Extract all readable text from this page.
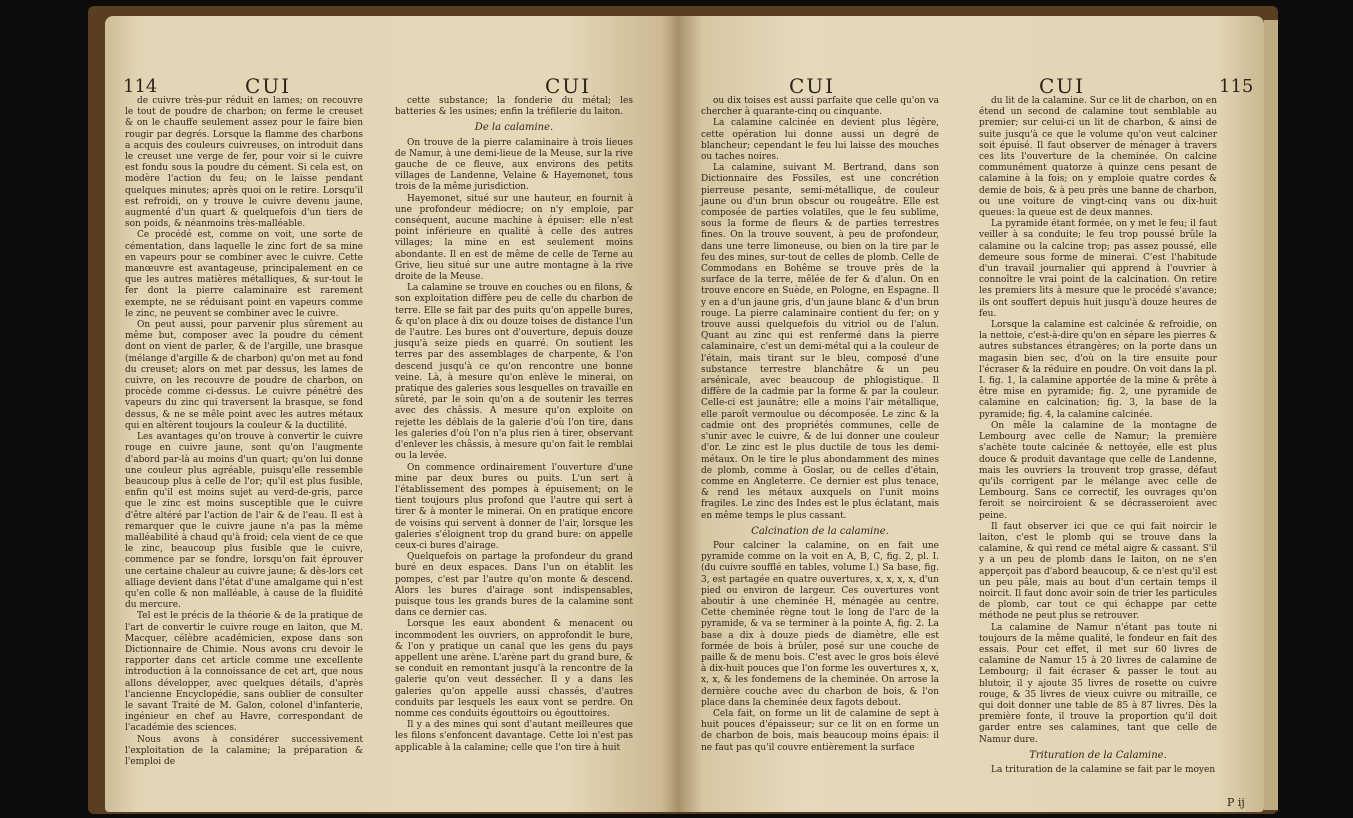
114	CUI	CUI

de cuivre très-pur réduit en lames; on recouvre le tout de poudre de charbon; on ferme le creuset & on le chauffe seulement assez pour le faire bien rougir par degrés. Lorsque la flamme des charbons a acquis des couleurs cuivreuses, on introduit dans le creuset une verge de fer, pour voir si le cuivre est fondu sous la poudre du cément. Si cela est, on modère l'action du feu; on le laisse pendant quelques minutes; après quoi on le retire. Lorsqu'il est refroidi, on y trouve le cuivre devenu jaune, augmenté d'un quart & quelquefois d'un tiers de son poids, & néanmoins très-malléable.

Ce procédé est, comme on voit, une sorte de cémentation, dans laquelle le zinc fort de sa mine en vapeurs pour se combiner avec le cuivre. Cette manœuvre est avantageuse, principalement en ce que les autres matières métalliques, & sur-tout le fer dont la pierre calaminaire est rarement exempte, ne se réduisant point en vapeurs comme le zinc, ne peuvent se combiner avec le cuivre.

On peut aussi, pour parvenir plus sûrement au même but, composer avec la poudre du cément dont on vient de parler, & de l'argille, une brasque (mélange d'argille & de charbon) qu'on met au fond du creuset; alors on met par dessus, les lames de cuivre, on les recouvre de poudre de charbon, on procède comme ci-dessus. Le cuivre pénétré des vapeurs du zinc qui traversent la brasque, se fond dessus, & ne se mêle point avec les autres métaux qui en altèrent toujours la couleur & la ductilité.

Les avantages qu'on trouve à convertir le cuivre rouge en cuivre jaune, sont qu'on l'augmente d'abord par-là au moins d'un quart; qu'on lui donne une couleur plus agréable, puisqu'elle ressemble beaucoup plus à celle de l'or; qu'il est plus fusible, enfin qu'il est moins sujet au verd-de-gris, parce que le zinc est moins susceptible que le cuivre d'être altéré par l'action de l'air & de l'eau. Il est à remarquer que le cuivre jaune n'a pas la même malléabilité à chaud qu'à froid; cela vient de ce que le zinc, beaucoup plus fusible que le cuivre, commence par se fondre, lorsqu'on fait éprouver une certaine chaleur au cuivre jaune; & dès-lors cet alliage devient dans l'état d'une amalgame qui n'est qu'en colle & non malléable, à cause de la fluidité du mercure.

Tel est le précis de la théorie & de la pratique de l'art de convertir le cuivre rouge en laiton, que M. Macquer, célèbre académicien, expose dans son Dictionnaire de Chimie. Nous avons cru devoir le rapporter dans cet article comme une excellente introduction à la connoissance de cet art, que nous allons développer, avec quelques détails, d'après l'ancienne Encyclopédie, sans oublier de consulter le savant Traité de M. Galon, colonel d'infanterie, ingénieur en chef au Havre, correspondant de l'académie des sciences.

Nous avons à considérer successivement l'exploitation de la calamine; la préparation & l'emploi de

cette substance; la fonderie du métal; les batteries & les usines; enfin la tréfilerie du laiton.

De la calamine.

On trouve de la pierre calaminaire à trois lieues de Namur, à une demi-lieue de la Meuse, sur la rive gauche de ce fleuve, aux environs des petits villages de Landenne, Velaine & Hayemonet, tous trois de la même jurisdiction.

Hayemonet, situé sur une hauteur, en fournit à une profondeur médiocre; on n'y emploie, par conséquent, aucune machine à épuiser: elle n'est point inférieure en qualité à celle des autres villages; la mine en est seulement moins abondante. Il en est de même de celle de Terne au Grive, lieu situé sur une autre montagne à la rive droite de la Meuse.

La calamine se trouve en couches ou en filons, & son exploitation diffère peu de celle du charbon de terre. Elle se fait par des puits qu'on appelle bures, & qu'on place à dix ou douze toises de distance l'un de l'autre. Les bures ont d'ouverture, depuis douze jusqu'à seize pieds en quarré. On soutient les terres par des assemblages de charpente, & l'on descend jusqu'à ce qu'on rencontre une bonne veine. Là, à mesure qu'on enlève le minerai, on pratique des galeries sous lesquelles on travaille en sûreté, par le soin qu'on a de soutenir les terres avec des châssis. A mesure qu'on exploite on rejette les déblais de la galerie d'où l'on tire, dans les galeries d'où l'on n'a plus rien à tirer, observant d'enlever les châssis, à mesure qu'on fait le remblai ou la levée.

On commence ordinairement l'ouverture d'une mine par deux bures ou puits. L'un sert à l'établissement des pompes à épuisement; on le tient toujours plus profond que l'autre qui sert à tirer & à monter le minerai. On en pratique encore de voisins qui servent à donner de l'air, lorsque les galeries s'éloignent trop du grand bure: on appelle ceux-ci bures d'airage.

Quelquefois on partage la profondeur du grand buré en deux espaces. Dans l'un on établit les pompes, c'est par l'autre qu'on monte & descend. Alors les bures d'airage sont indispensables, puisque tous les grands bures de la calamine sont dans ce dernier cas.

Lorsque les eaux abondent & menacent ou incommodent les ouvriers, on approfondit le bure, & l'on y pratique un canal que les gens du pays appellent une arène. L'arène part du grand bure, & se conduit en remontant jusqu'à la rencontre de la galerie qu'on veut dessécher. Il y a dans les galeries qu'on appelle aussi chassés, d'autres conduits par lesquels les eaux vont se perdre. On nomme ces conduits égouttoirs ou égouttoires.

Il y a des mines qui sont d'autant meilleures que les filons s'enfoncent davantage. Cette loi n'est pas applicable à la calamine; celle que l'on tire à huit

CUI	CUI	115

ou dix toises est aussi parfaite que celle qu'on va chercher à quarante-cinq ou cinquante.

La calamine calcinée en devient plus légère, cette opération lui donne aussi un degré de blancheur; cependant le feu lui laisse des mouches ou taches noires.

La calamine, suivant M. Bertrand, dans son Dictionnaire des Fossiles, est une concrétion pierreuse pesante, semi-métallique, de couleur jaune ou d'un brun obscur ou rougeâtre. Elle est composée de parties volatiles, que le feu sublime, sous la forme de fleurs & de parties terrestres fines. On la trouve souvent, à peu de profondeur, dans une terre limoneuse, ou bien on la tire par le feu des mines, sur-tout de celles de plomb. Celle de Commodans en Bohême se trouve près de la surface de la terre, mêlée de fer & d'alun. On en trouve encore en Suède, en Pologne, en Espagne. Il y en a d'un jaune gris, d'un jaune blanc & d'un brun rouge. La pierre calaminaire contient du fer; on y trouve aussi quelquefois du vitriol ou de l'alun. Quant au zinc qui est renfermé dans la pierre calaminaire, c'est un demi-métal qui a la couleur de l'étain, mais tirant sur le bleu, composé d'une substance terrestre blanchâtre & un peu arsénicale, avec beaucoup de phlogistique. Il diffère de la cadmie par la forme & par la couleur. Celle-ci est jaunâtre; elle a moins l'air métallique, elle paroît vermoulue ou décomposée. Le zinc & la cadmie ont des propriétés communes, celle de s'unir avec le cuivre, & de lui donner une couleur d'or. Le zinc est le plus ductile de tous les demi-métaux. On le tire le plus abondamment des mines de plomb, comme à Goslar, ou de celles d'étain, comme en Angleterre. Ce dernier est plus tenace, & rend les métaux auxquels on l'unit moins fragiles. Le zinc des Indes est le plus éclatant, mais en même temps le plus cassant.

Calcination de la calamine.

Pour calciner la calamine, on en fait une pyramide comme on la voit en A, B, C, fig. 2, pl. I. (du cuivre soufflé en tables, volume I.) Sa base, fig. 3, est partagée en quatre ouvertures, x, x, x, x, d'un pied ou environ de largeur. Ces ouvertures vont aboutir à une cheminée H, ménagée au centre. Cette cheminée règne tout le long de l'arc de la pyramide, & va se terminer à la pointe A, fig. 2. La base a dix à douze pieds de diamètre, elle est formée de bois à brûler, posé sur une couche de paille & de menu bois. C'est avec le gros bois élevé à dix-huit pouces que l'on forme les ouvertures x, x, x, x, & les fondemens de la cheminée. On arrose la dernière couche avec du charbon de bois, & l'on place dans la cheminée deux fagots debout.

Cela fait, on forme un lit de calamine de sept à huit pouces d'épaisseur; sur ce lit on en forme un de charbon de bois, mais beaucoup moins épais: il ne faut pas qu'il couvre entièrement la surface

du lit de la calamine. Sur ce lit de charbon, on en étend un second de calamine tout semblable au premier; sur celui-ci un lit de charbon, & ainsi de suite jusqu'à ce que le volume qu'on veut calciner soit épuisé. Il faut observer de ménager à travers ces lits l'ouverture de la cheminée. On calcine communément quatorze à quinze cens pesant de calamine à la fois; on y emploie quatre cordes & demie de bois, & à peu près une banne de charbon, ou une voiture de vingt-cinq vans ou dix-huit queues: la queue est de deux mannes.

La pyramide étant formée, on y met le feu; il faut veiller à sa conduite; le feu trop poussé brûle la calamine ou la calcine trop; pas assez poussé, elle demeure sous forme de minerai. C'est l'habitude d'un travail journalier qui apprend à l'ouvrier à connoître le vrai point de la calcination. On retire les premiers lits à mesure que le procédé s'avance; ils ont souffert depuis huit jusqu'à douze heures de feu.

Lorsque la calamine est calcinée & refroidie, on la nettoie, c'est-à-dire qu'on en sépare les pierres & autres substances étrangères; on la porte dans un magasin bien sec, d'où on la tire ensuite pour l'écraser & la réduire en poudre. On voit dans la pl. I. fig. 1, la calamine apportée de la mine & prête à être mise en pyramide; fig. 2, une pyramide de calamine en calcination; fig. 3, la base de la pyramide; fig. 4, la calamine calcinée.

On mêle la calamine de la montagne de Lembourg avec celle de Namur; la première s'achète toute calcinée & nettoyée, elle est plus douce & produit davantage que celle de Landenne, mais les ouvriers la trouvent trop grasse, défaut qu'ils corrigent par le mélange avec celle de Lembourg. Sans ce correctif, les ouvrages qu'on feroit se noirciroient & se décrasseroient avec peine.

Il faut observer ici que ce qui fait noircir le laiton, c'est le plomb qui se trouve dans la calamine, & qui rend ce métal aigre & cassant. S'il y a un peu de plomb dans le laiton, on ne s'en apperçoit pas d'abord beaucoup, & ce n'est qu'il est un peu pâle, mais au bout d'un certain temps il noircit. Il faut donc avoir soin de trier les particules de plomb, car tout ce qui échappe par cette méthode ne peut plus se retrouver.

La calamine de Namur n'étant pas toute ni toujours de la même qualité, le fondeur en fait des essais. Pour cet effet, il met sur 60 livres de calamine de Namur 15 à 20 livres de calamine de Lembourg; il fait écraser & passer le tout au blutoir, il y ajoute 35 livres de rosette ou cuivre rouge, & 35 livres de vieux cuivre ou mitraille, ce qui doit donner une table de 85 à 87 livres. Dès la première fonte, il trouve la proportion qu'il doit garder entre ses calamines, tant que celle de Namur dure.

Trituration de la Calamine.

La trituration de la calamine se fait par le moyen

P ij
